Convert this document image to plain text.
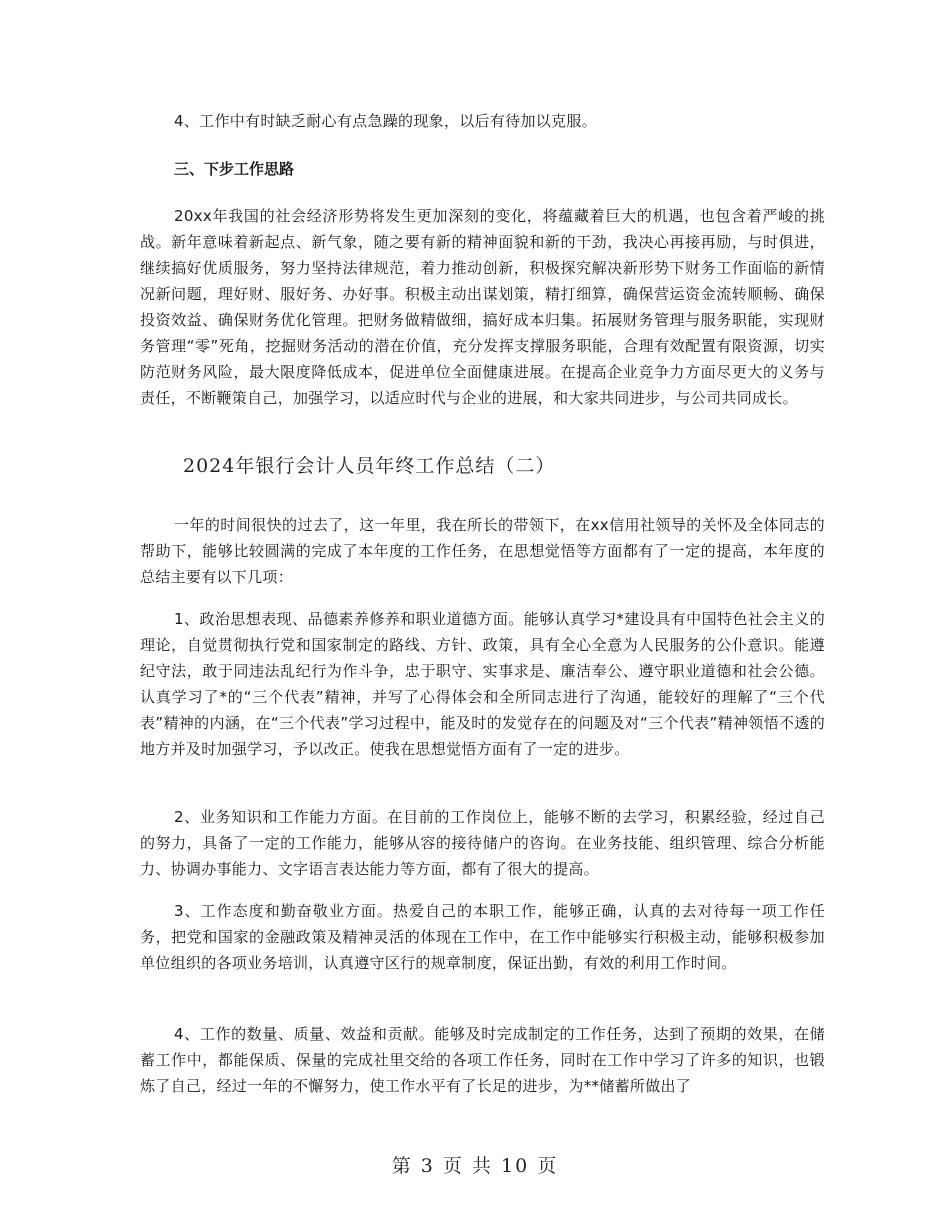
4、工作中有时缺乏耐心有点急躁的现象，以后有待加以克服。

三、下步工作思路

20xx年我国的社会经济形势将发生更加深刻的变化，将蕴藏着巨大的机遇，也包含着严峻的挑战。新年意味着新起点、新气象，随之要有新的精神面貌和新的干劲，我决心再接再励，与时俱进，继续搞好优质服务，努力坚持法律规范，着力推动创新，积极探究解决新形势下财务工作面临的新情况新问题，理好财、服好务、办好事。积极主动出谋划策，精打细算，确保营运资金流转顺畅、确保投资效益、确保财务优化管理。把财务做精做细，搞好成本归集。拓展财务管理与服务职能，实现财务管理“零”死角，挖掘财务活动的潜在价值，充分发挥支撑服务职能，合理有效配置有限资源，切实防范财务风险，最大限度降低成本，促进单位全面健康进展。在提高企业竞争力方面尽更大的义务与责任，不断鞭策自己，加强学习，以适应时代与企业的进展，和大家共同进步，与公司共同成长。

2024年银行会计人员年终工作总结（二）

一年的时间很快的过去了，这一年里，我在所长的带领下，在xx信用社领导的关怀及全体同志的帮助下，能够比较圆满的完成了本年度的工作任务，在思想觉悟等方面都有了一定的提高，本年度的总结主要有以下几项：

1、政治思想表现、品德素养修养和职业道德方面。能够认真学习*建设具有中国特色社会主义的理论，自觉贯彻执行党和国家制定的路线、方针、政策，具有全心全意为人民服务的公仆意识。能遵纪守法，敢于同违法乱纪行为作斗争，忠于职守、实事求是、廉洁奉公、遵守职业道德和社会公德。认真学习了*的“三个代表”精神，并写了心得体会和全所同志进行了沟通，能较好的理解了“三个代表”精神的内涵，在“三个代表”学习过程中，能及时的发觉存在的问题及对“三个代表”精神领悟不透的地方并及时加强学习，予以改正。使我在思想觉悟方面有了一定的进步。

2、业务知识和工作能力方面。在目前的工作岗位上，能够不断的去学习，积累经验，经过自己的努力，具备了一定的工作能力，能够从容的接待储户的咨询。在业务技能、组织管理、综合分析能力、协调办事能力、文字语言表达能力等方面，都有了很大的提高。

3、工作态度和勤奋敬业方面。热爱自己的本职工作，能够正确，认真的去对待每一项工作任务，把党和国家的金融政策及精神灵活的体现在工作中，在工作中能够实行积极主动，能够积极参加单位组织的各项业务培训，认真遵守区行的规章制度，保证出勤，有效的利用工作时间。

4、工作的数量、质量、效益和贡献。能够及时完成制定的工作任务，达到了预期的效果，在储蓄工作中，都能保质、保量的完成社里交给的各项工作任务，同时在工作中学习了许多的知识，也锻炼了自己，经过一年的不懈努力，使工作水平有了长足的进步，为**储蓄所做出了

第 3 页 共 10 页
